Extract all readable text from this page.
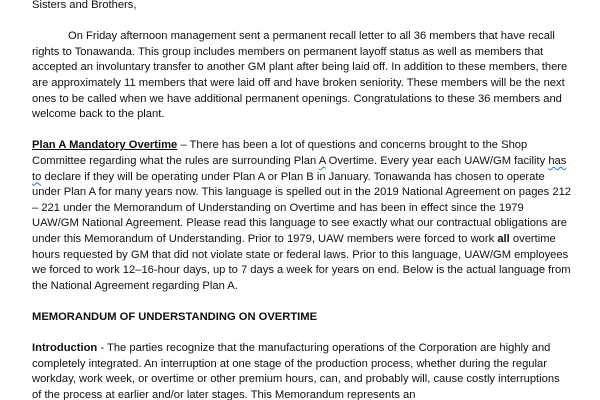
Sisters and Brothers,

On Friday afternoon management sent a permanent recall letter to all 36 members that have recall rights to Tonawanda. This group includes members on permanent layoff status as well as members that accepted an involuntary transfer to another GM plant after being laid off. In addition to these members, there are approximately 11 members that were laid off and have broken seniority. These members will be the next ones to be called when we have additional permanent openings. Congratulations to these 36 members and welcome back to the plant.

Plan A Mandatory Overtime – There has been a lot of questions and concerns brought to the Shop Committee regarding what the rules are surrounding Plan A Overtime. Every year each UAW/GM facility has to declare if they will be operating under Plan A or Plan B in January. Tonawanda has chosen to operate under Plan A for many years now. This language is spelled out in the 2019 National Agreement on pages 212 – 221 under the Memorandum of Understanding on Overtime and has been in effect since the 1979 UAW/GM National Agreement. Please read this language to see exactly what our contractual obligations are under this Memorandum of Understanding. Prior to 1979, UAW members were forced to work all overtime hours requested by GM that did not violate state or federal laws. Prior to this language, UAW/GM employees we forced to work 12–16-hour days, up to 7 days a week for years on end. Below is the actual language from the National Agreement regarding Plan A.

MEMORANDUM OF UNDERSTANDING ON OVERTIME

Introduction - The parties recognize that the manufacturing operations of the Corporation are highly and completely integrated. An interruption at one stage of the production process, whether during the regular workday, work week, or overtime or other premium hours, can, and probably will, cause costly interruptions of the process at earlier and/or later stages. This Memorandum represents an
